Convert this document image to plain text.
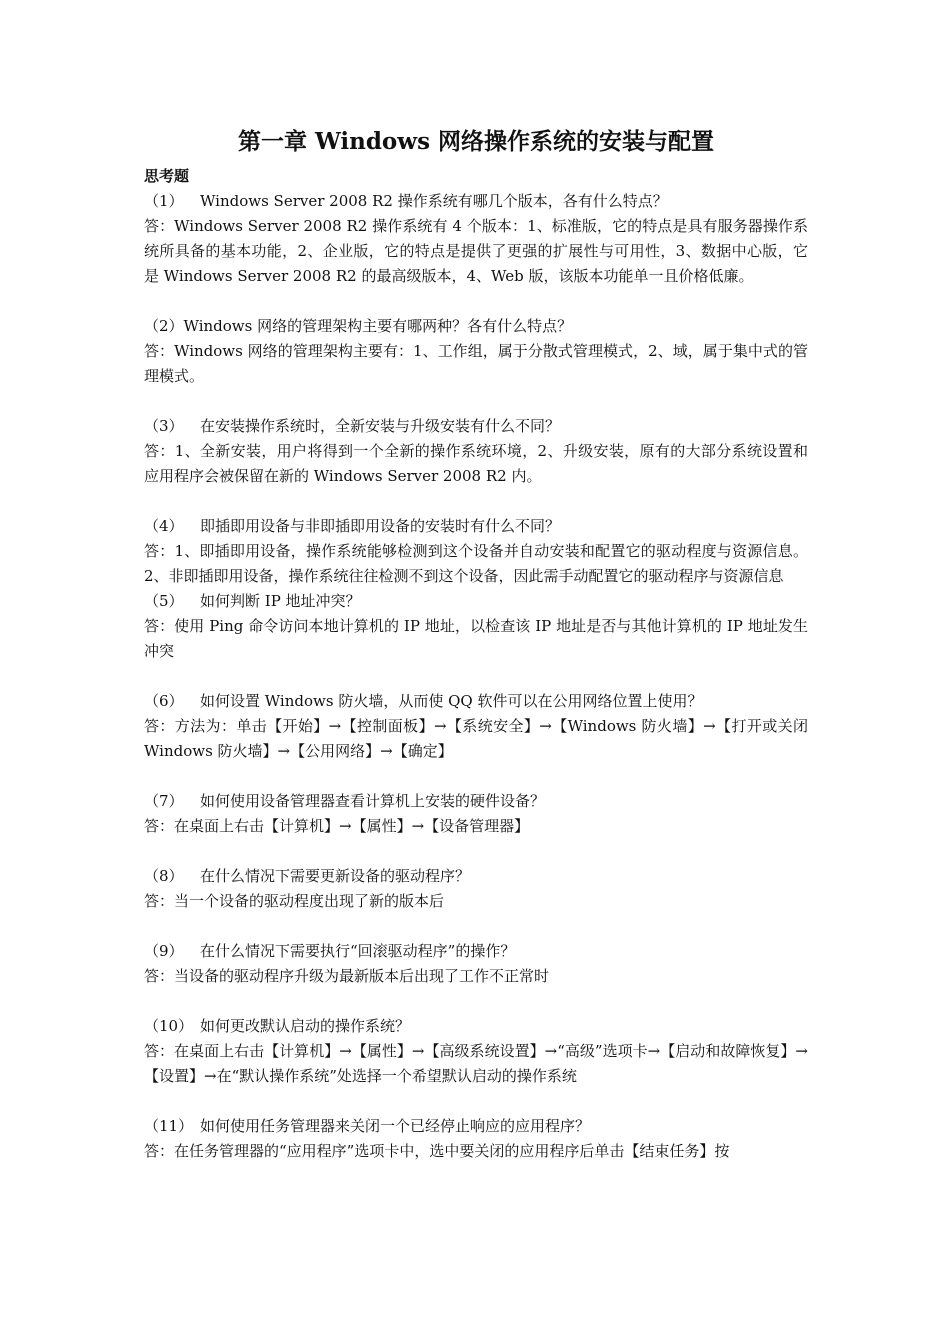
第一章 Windows 网络操作系统的安装与配置

思考题

（1） Windows Server 2008 R2 操作系统有哪几个版本，各有什么特点？

答：Windows Server 2008 R2 操作系统有 4 个版本：1、标准版，它的特点是具有服务器操作系统所具备的基本功能，2、企业版，它的特点是提供了更强的扩展性与可用性，3、数据中心版，它是 Windows Server 2008 R2 的最高级版本，4、Web 版，该版本功能单一且价格低廉。

（2）Windows 网络的管理架构主要有哪两种？各有什么特点？

答：Windows 网络的管理架构主要有：1、工作组，属于分散式管理模式，2、域，属于集中式的管理模式。

（3） 在安装操作系统时，全新安装与升级安装有什么不同？

答：1、全新安装，用户将得到一个全新的操作系统环境，2、升级安装，原有的大部分系统设置和应用程序会被保留在新的 Windows Server 2008 R2 内。

（4） 即插即用设备与非即插即用设备的安装时有什么不同？

答：1、即插即用设备，操作系统能够检测到这个设备并自动安装和配置它的驱动程度与资源信息。2、非即插即用设备，操作系统往往检测不到这个设备，因此需手动配置它的驱动程序与资源信息

（5） 如何判断 IP 地址冲突？

答：使用 Ping 命令访问本地计算机的 IP 地址，以检查该 IP 地址是否与其他计算机的 IP 地址发生冲突

（6） 如何设置 Windows 防火墙，从而使 QQ 软件可以在公用网络位置上使用？

答：方法为：单击【开始】→【控制面板】→【系统安全】→【Windows 防火墙】→【打开或关闭 Windows 防火墙】→【公用网络】→【确定】

（7） 如何使用设备管理器查看计算机上安装的硬件设备？

答：在桌面上右击【计算机】→【属性】→【设备管理器】

（8） 在什么情况下需要更新设备的驱动程序？

答：当一个设备的驱动程度出现了新的版本后

（9） 在什么情况下需要执行“回滚驱动程序”的操作？

答：当设备的驱动程序升级为最新版本后出现了工作不正常时

（10） 如何更改默认启动的操作系统？

答：在桌面上右击【计算机】→【属性】→【高级系统设置】→“高级”选项卡→【启动和故障恢复】→【设置】→在“默认操作系统”处选择一个希望默认启动的操作系统

（11） 如何使用任务管理器来关闭一个已经停止响应的应用程序？

答：在任务管理器的“应用程序”选项卡中，选中要关闭的应用程序后单击【结束任务】按
